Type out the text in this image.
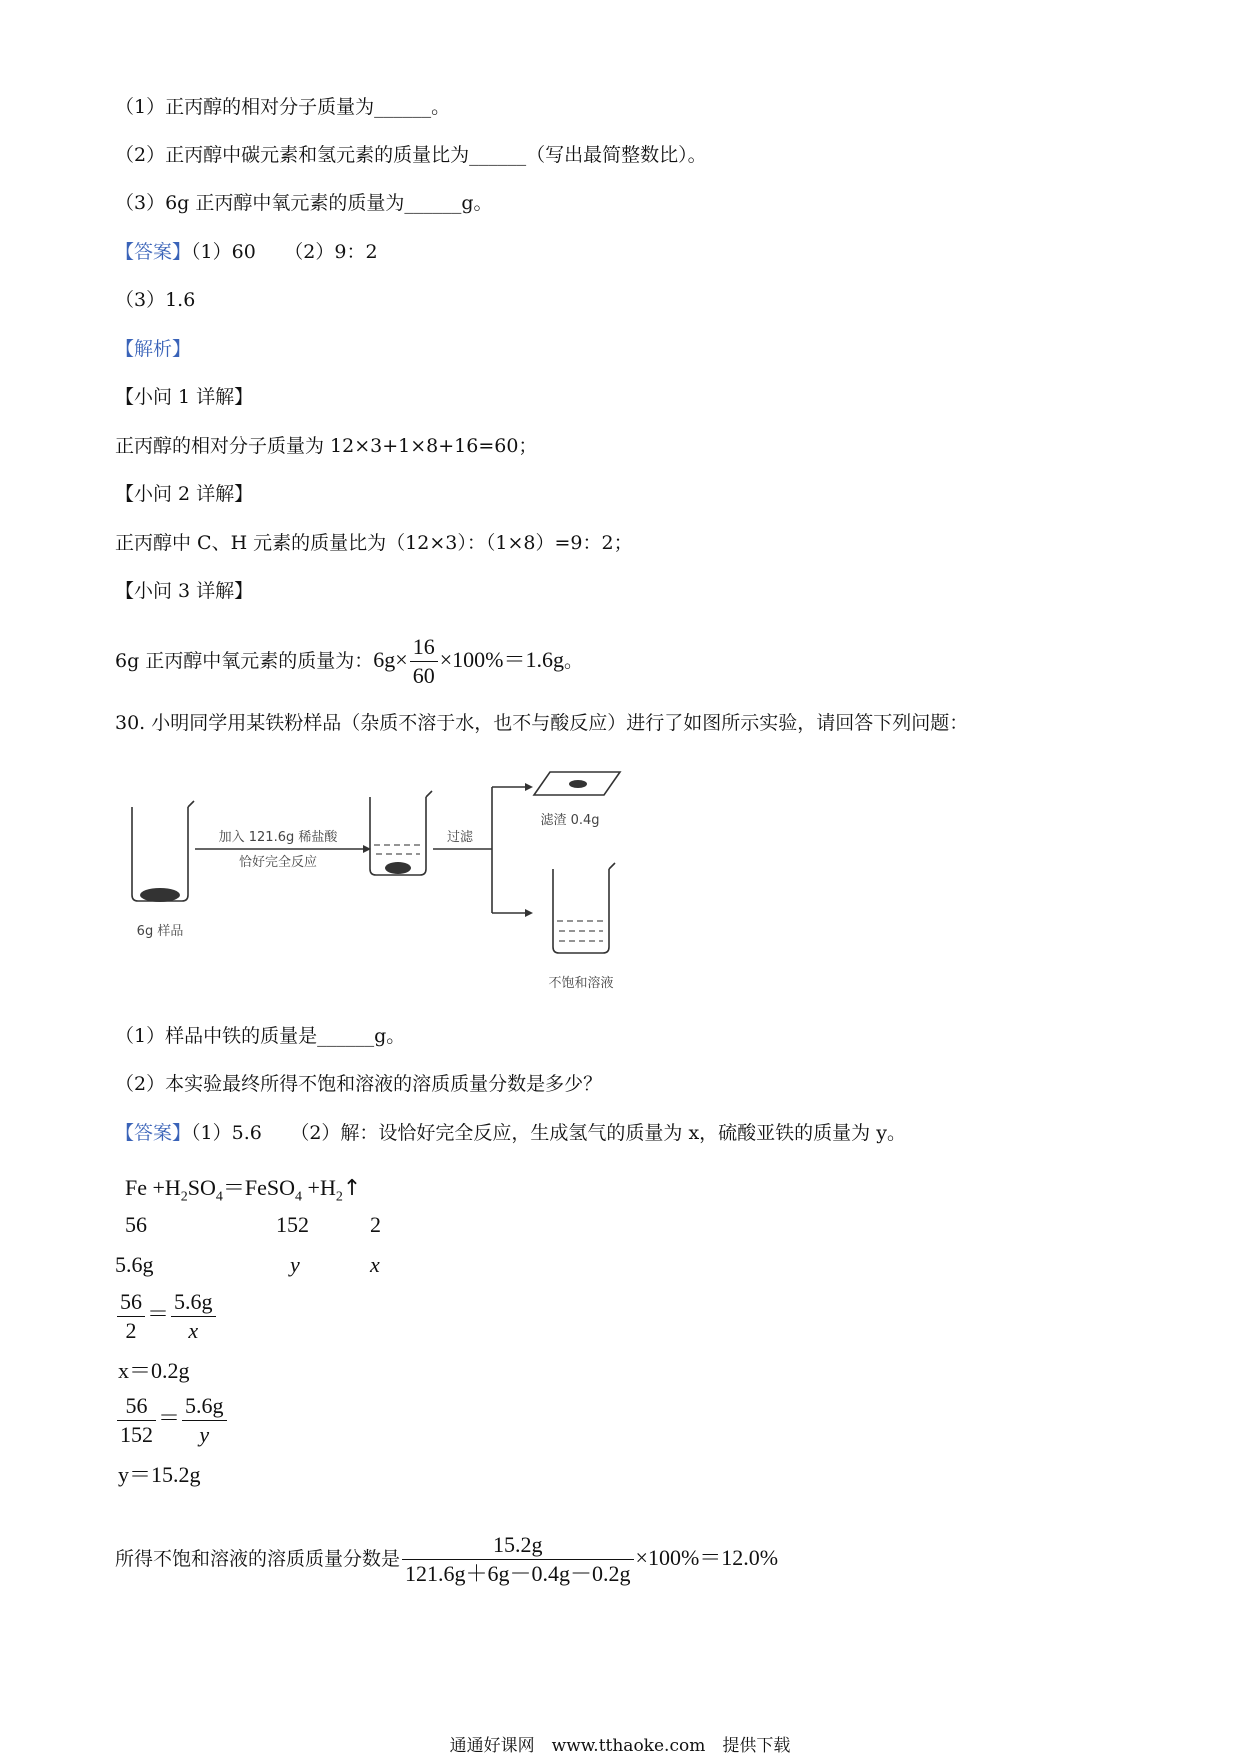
（1）正丙醇的相对分子质量为______。
（2）正丙醇中碳元素和氢元素的质量比为______（写出最简整数比）。
（3）6g 正丙醇中氧元素的质量为______g。
【答案】（1）60　　（2）9：2
（3）1.6
【解析】
【小问 1 详解】
正丙醇的相对分子质量为 12×3+1×8+16=60；
【小问 2 详解】
正丙醇中 C、H 元素的质量比为（12×3）：（1×8）=9：2；
【小问 3 详解】
6g 正丙醇中氧元素的质量为：$6g\times \frac{16}{60} \times 100\%=1.6g$。
30. 小明同学用某铁粉样品（杂质不溶于水，也不与酸反应）进行了如图所示实验，请回答下列问题：
加入 121.6g 稀盐酸
恰好完全反应
过滤
滤渣 0.4g
6g 样品
不饱和溶液
（1）样品中铁的质量是______g。
（2）本实验最终所得不饱和溶液的溶质质量分数是多少？
【答案】（1）5.6　　（2）解：设恰好完全反应，生成氢气的质量为 x，硫酸亚铁的质量为 y。
$Fe +H_2SO_4=FeSO_4$ $+H_2↑$
56	152	2
5.6g	y	x
$\frac{56}{2} = \frac{5.6g}{x}$
x＝0.2g
$\frac{56}{152} = \frac{5.6g}{y}$
y＝15.2g
所得不饱和溶液的溶质质量分数是 $\frac{15.2g}{121.6g+6g-0.4g-0.2g} \times 100\%=12.0\%$
通通好课网　www.tthaoke.com　提供下载
